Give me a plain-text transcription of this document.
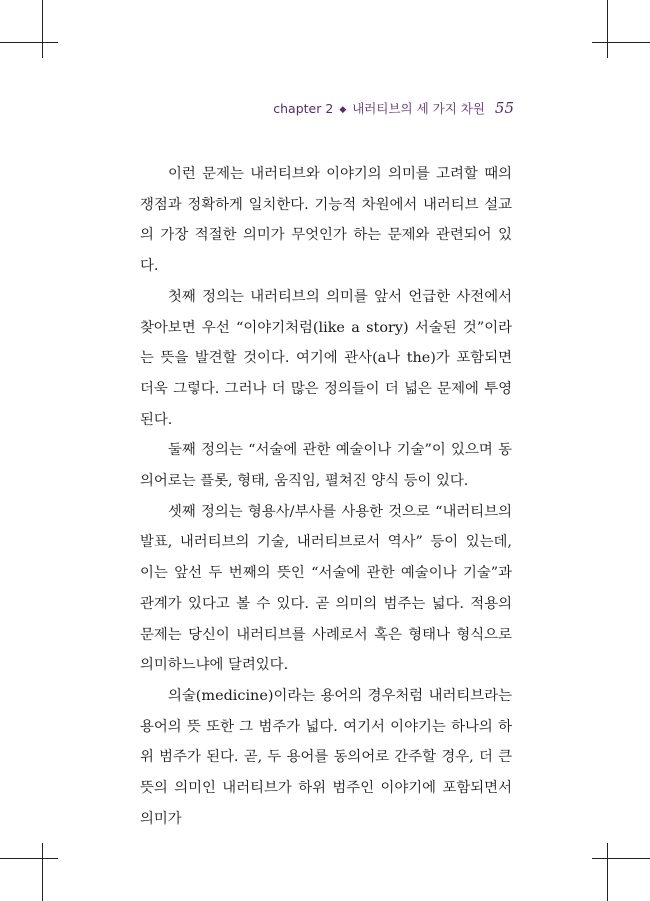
chapter 2 ◆ 내러티브의 세 가지 차원 55

이런 문제는 내러티브와 이야기의 의미를 고려할 때의 쟁점과 정확하게 일치한다. 기능적 차원에서 내러티브 설교의 가장 적절한 의미가 무엇인가 하는 문제와 관련되어 있다.

첫째 정의는 내러티브의 의미를 앞서 언급한 사전에서 찾아보면 우선 “이야기처럼(like a story) 서술된 것”이라는 뜻을 발견할 것이다. 여기에 관사(a나 the)가 포함되면 더욱 그렇다. 그러나 더 많은 정의들이 더 넓은 문제에 투영된다.

둘째 정의는 “서술에 관한 예술이나 기술”이 있으며 동의어로는 플롯, 형태, 움직임, 펼쳐진 양식 등이 있다.

셋째 정의는 형용사/부사를 사용한 것으로 “내러티브의 발표, 내러티브의 기술, 내러티브로서 역사” 등이 있는데, 이는 앞선 두 번째의 뜻인 “서술에 관한 예술이나 기술”과 관계가 있다고 볼 수 있다. 곧 의미의 범주는 넓다. 적용의 문제는 당신이 내러티브를 사례로서 혹은 형태나 형식으로 의미하느냐에 달려있다.

의술(medicine)이라는 용어의 경우처럼 내러티브라는 용어의 뜻 또한 그 범주가 넓다. 여기서 이야기는 하나의 하위 범주가 된다. 곧, 두 용어를 동의어로 간주할 경우, 더 큰 뜻의 의미인 내러티브가 하위 범주인 이야기에 포함되면서 의미가
